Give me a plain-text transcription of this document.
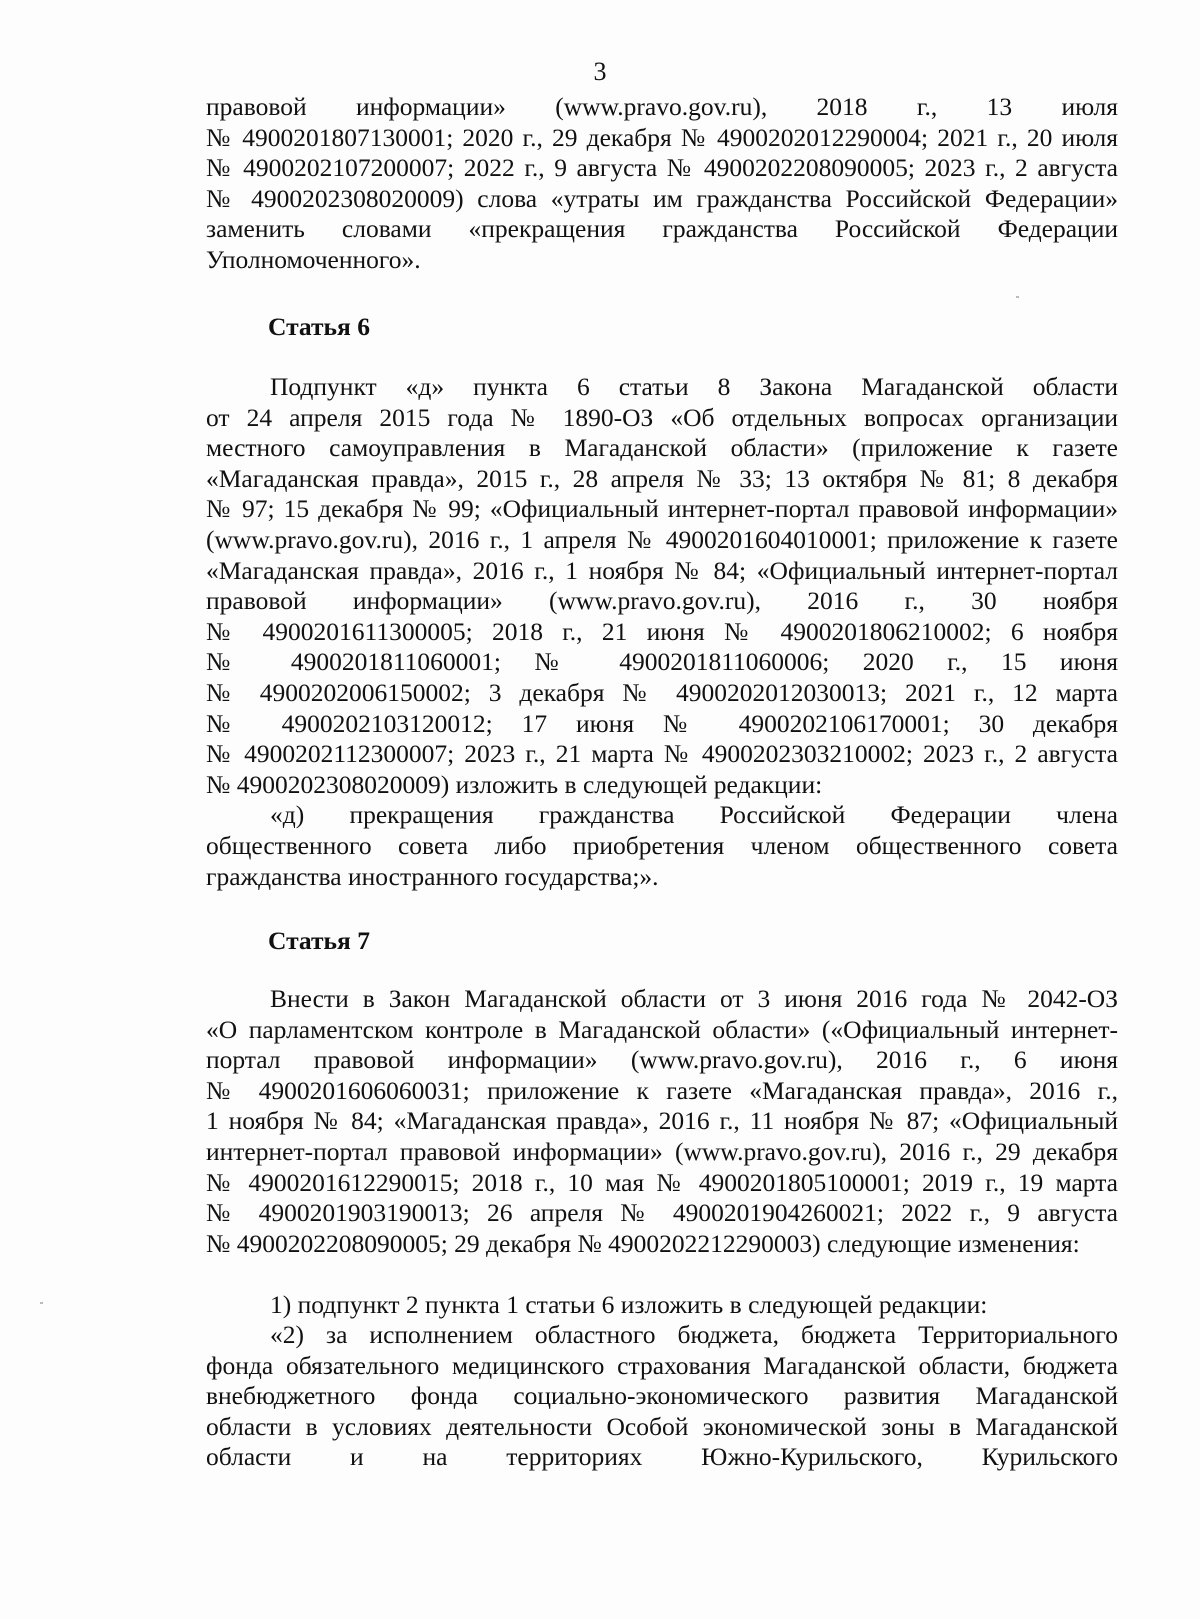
3
правовой информации» (www.pravo.gov.ru), 2018 г., 13 июля
№ 4900201807130001; 2020 г., 29 декабря № 4900202012290004; 2021 г., 20 июля
№ 4900202107200007; 2022 г., 9 августа № 4900202208090005; 2023 г., 2 августа
№ 4900202308020009) слова «утраты им гражданства Российской Федерации»
заменить словами «прекращения гражданства Российской Федерации
Уполномоченного».
Статья 6
Подпункт «д» пункта 6 статьи 8 Закона Магаданской области
от 24 апреля 2015 года № 1890-ОЗ «Об отдельных вопросах организации
местного самоуправления в Магаданской области» (приложение к газете
«Магаданская правда», 2015 г., 28 апреля № 33; 13 октября № 81; 8 декабря
№ 97; 15 декабря № 99; «Официальный интернет-портал правовой информации»
(www.pravo.gov.ru), 2016 г., 1 апреля № 4900201604010001; приложение к газете
«Магаданская правда», 2016 г., 1 ноября № 84; «Официальный интернет-портал
правовой информации» (www.pravo.gov.ru), 2016 г., 30 ноября
№ 4900201611300005; 2018 г., 21 июня № 4900201806210002; 6 ноября
№ 4900201811060001; № 4900201811060006; 2020 г., 15 июня
№ 4900202006150002; 3 декабря № 4900202012030013; 2021 г., 12 марта
№ 4900202103120012; 17 июня № 4900202106170001; 30 декабря
№ 4900202112300007; 2023 г., 21 марта № 4900202303210002; 2023 г., 2 августа
№ 4900202308020009) изложить в следующей редакции:
«д) прекращения гражданства Российской Федерации члена
общественного совета либо приобретения членом общественного совета
гражданства иностранного государства;».
Статья 7
Внести в Закон Магаданской области от 3 июня 2016 года № 2042-ОЗ
«О парламентском контроле в Магаданской области» («Официальный интернет-
портал правовой информации» (www.pravo.gov.ru), 2016 г., 6 июня
№ 4900201606060031; приложение к газете «Магаданская правда», 2016 г.,
1 ноября № 84; «Магаданская правда», 2016 г., 11 ноября № 87; «Официальный
интернет-портал правовой информации» (www.pravo.gov.ru), 2016 г., 29 декабря
№ 4900201612290015; 2018 г., 10 мая № 4900201805100001; 2019 г., 19 марта
№ 4900201903190013; 26 апреля № 4900201904260021; 2022 г., 9 августа
№ 4900202208090005; 29 декабря № 4900202212290003) следующие изменения:
1) подпункт 2 пункта 1 статьи 6 изложить в следующей редакции:
«2) за исполнением областного бюджета, бюджета Территориального
фонда обязательного медицинского страхования Магаданской области, бюджета
внебюджетного фонда социально-экономического развития Магаданской
области в условиях деятельности Особой экономической зоны в Магаданской
области и на территориях Южно-Курильского, Курильского
